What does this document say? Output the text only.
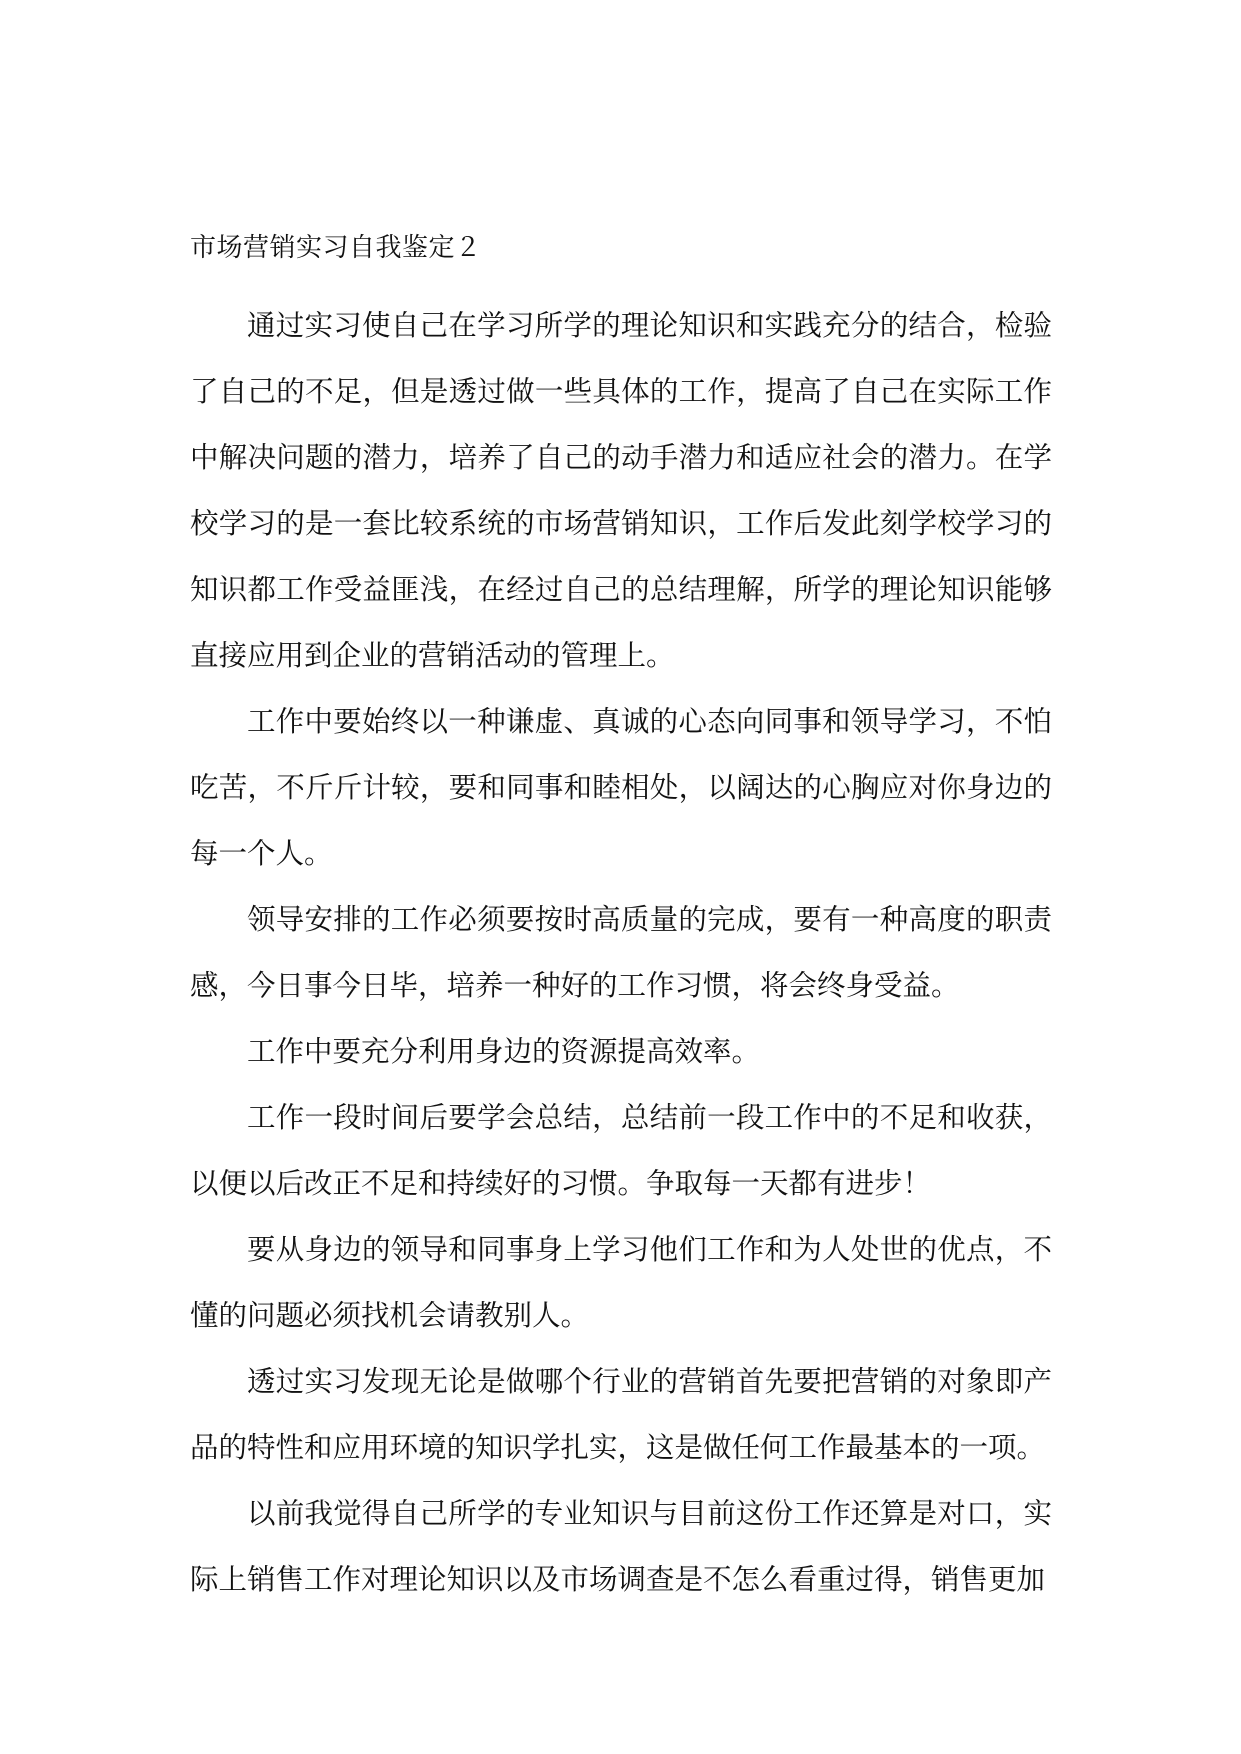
市场营销实习自我鉴定２

通过实习使自己在学习所学的理论知识和实践充分的结合，检验了自己的不足，但是透过做一些具体的工作，提高了自己在实际工作中解决问题的潜力，培养了自己的动手潜力和适应社会的潜力。在学校学习的是一套比较系统的市场营销知识，工作后发此刻学校学习的知识都工作受益匪浅，在经过自己的总结理解，所学的理论知识能够直接应用到企业的营销活动的管理上。

工作中要始终以一种谦虚、真诚的心态向同事和领导学习，不怕吃苦，不斤斤计较，要和同事和睦相处，以阔达的心胸应对你身边的每一个人。

领导安排的工作必须要按时高质量的完成，要有一种高度的职责感，今日事今日毕，培养一种好的工作习惯，将会终身受益。

工作中要充分利用身边的资源提高效率。

工作一段时间后要学会总结，总结前一段工作中的不足和收获，以便以后改正不足和持续好的习惯。争取每一天都有进步！

要从身边的领导和同事身上学习他们工作和为人处世的优点，不懂的问题必须找机会请教别人。

透过实习发现无论是做哪个行业的营销首先要把营销的对象即产品的特性和应用环境的知识学扎实，这是做任何工作最基本的一项。

以前我觉得自己所学的专业知识与目前这份工作还算是对口，实际上销售工作对理论知识以及市场调查是不怎么看重过得，销售更加
